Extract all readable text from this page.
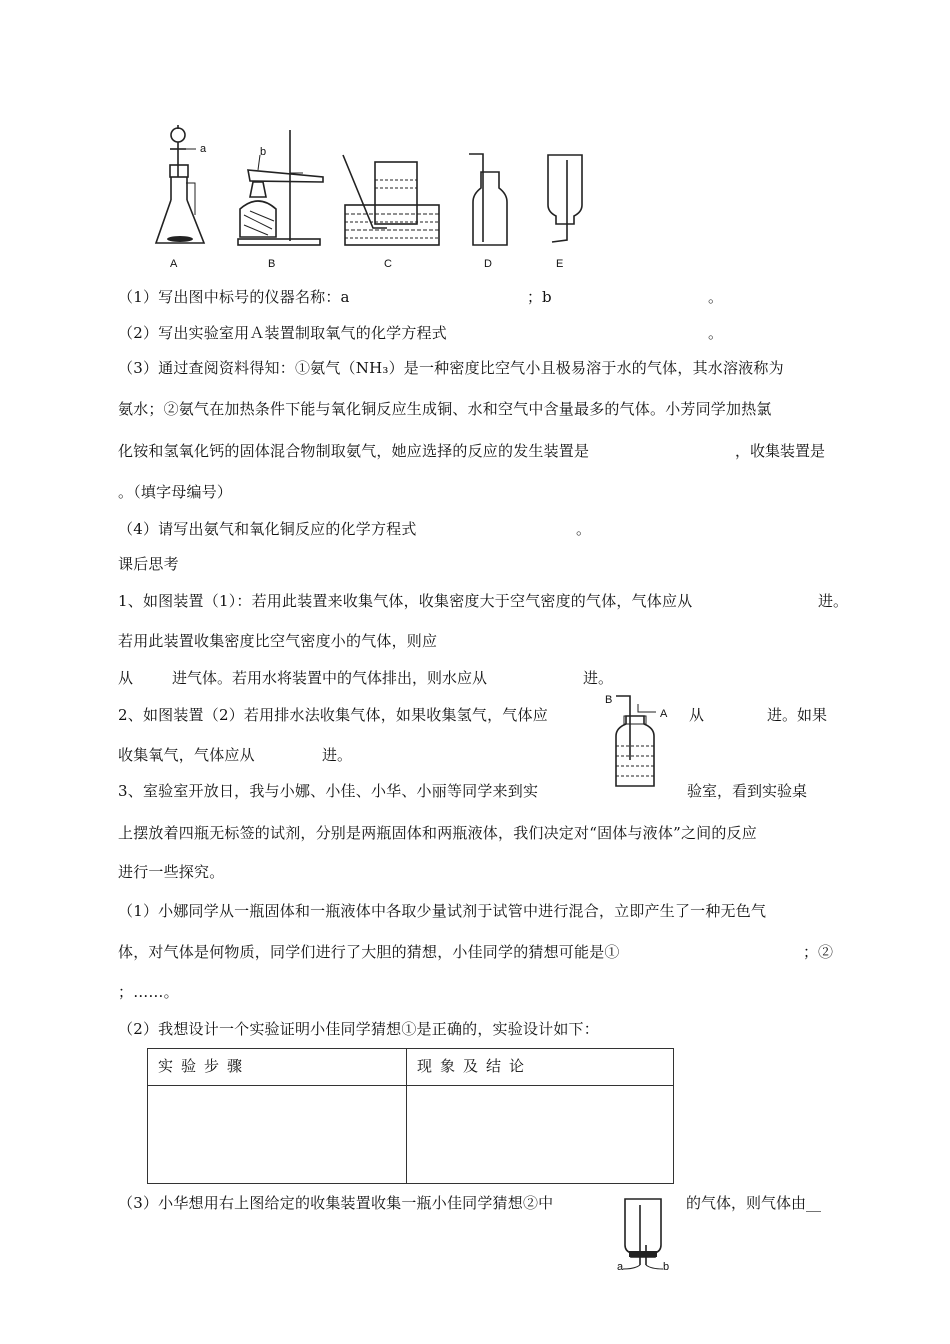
a	b
A	B	C	D	E
（1）写出图中标号的仪器名称：a	；b	。
（2）写出实验室用Ａ装置制取氧气的化学方程式	。
（3）通过查阅资料得知：①氨气（NH₃）是一种密度比空气小且极易溶于水的气体，其水溶液称为
氨水；②氨气在加热条件下能与氧化铜反应生成铜、水和空气中含量最多的气体。小芳同学加热氯
化铵和氢氧化钙的固体混合物制取氨气，她应选择的反应的发生装置是	，收集装置是
。（填字母编号）
（4）请写出氨气和氧化铜反应的化学方程式	。
课后思考
1、如图装置（1）：若用此装置来收集气体，收集密度大于空气密度的气体，气体应从	进。
若用此装置收集密度比空气密度小的气体，则应
从	进气体。若用水将装置中的气体排出，则水应从	进。
2、如图装置（2）若用排水法收集气体，如果收集氢气，气体应	从	进。如果
收集氧气，气体应从	进。
B
A
3、室验室开放日，我与小娜、小佳、小华、小丽等同学来到实	验室，看到实验桌
上摆放着四瓶无标签的试剂，分别是两瓶固体和两瓶液体，我们决定对“固体与液体”之间的反应
进行一些探究。
（1）小娜同学从一瓶固体和一瓶液体中各取少量试剂于试管中进行混合，立即产生了一种无色气
体，对气体是何物质，同学们进行了大胆的猜想，小佳同学的猜想可能是①	；②
；……。
（2）我想设计一个实验证明小佳同学猜想①是正确的，实验设计如下：
实验步骤	现象及结论

（3）小华想用右上图给定的收集装置收集一瓶小佳同学猜想②中	的气体，则气体由__
a	b
